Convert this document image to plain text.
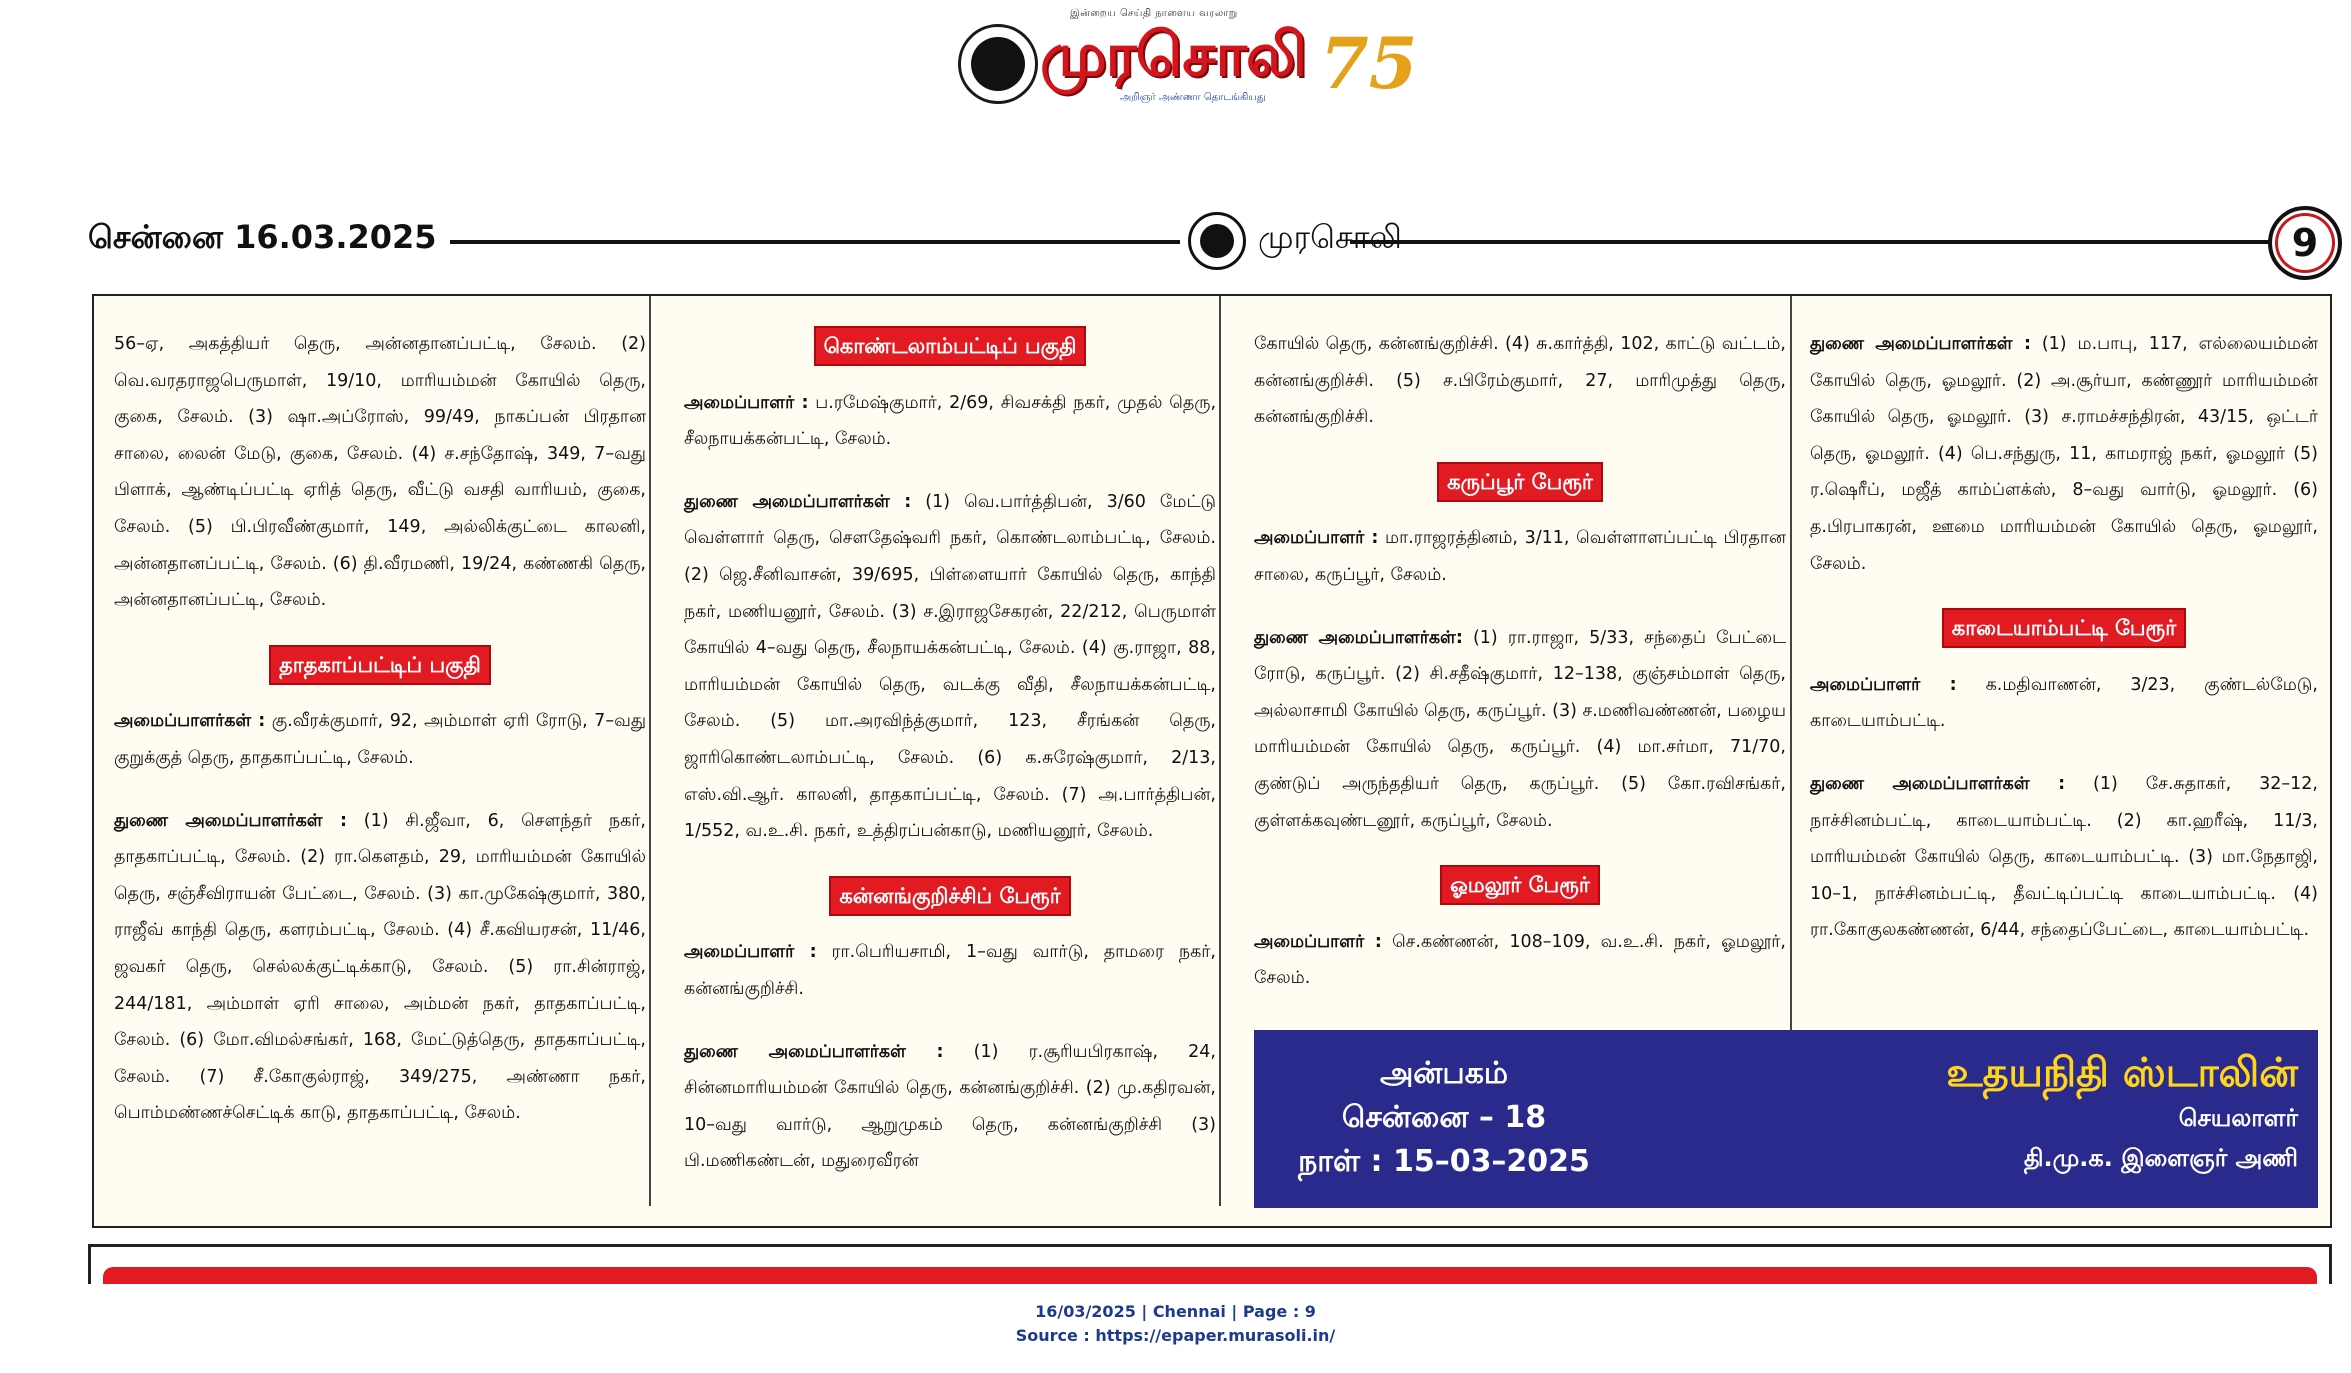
இன்றைய செய்தி நாளைய வரலாறு
முரசொலி 75
அறிஞர் அண்ணா தொடங்கியது
சென்னை 16.03.2025	முரசொலி	9

56–ஏ, அகத்தியர் தெரு, அன்னதானப்பட்டி, சேலம். (2) வெ.வரதராஜபெருமாள், 19/10, மாரியம்மன் கோயில் தெரு, குகை, சேலம். (3) ஷா.அப்ரோஸ், 99/49, நாகப்பன் பிரதான சாலை, லைன் மேடு, குகை, சேலம். (4) ச.சந்தோஷ், 349, 7–வது பிளாக், ஆண்டிப்பட்டி ஏரித் தெரு, வீட்டு வசதி வாரியம், குகை, சேலம். (5) பி.பிரவீண்குமார், 149, அல்லிக்குட்டை காலனி, அன்னதானப்பட்டி, சேலம். (6) தி.வீரமணி, 19/24, கண்ணகி தெரு, அன்னதானப்பட்டி, சேலம்.

தாதகாப்பட்டிப் பகுதி

அமைப்பாளர்கள் : கு.வீரக்குமார், 92, அம்மாள் ஏரி ரோடு, 7–வது குறுக்குத் தெரு, தாதகாப்பட்டி, சேலம்.

துணை அமைப்பாளர்கள் : (1) சி.ஜீவா, 6, சௌந்தர் நகர், தாதகாப்பட்டி, சேலம். (2) ரா.கௌதம், 29, மாரியம்மன் கோயில் தெரு, சஞ்சீவிராயன் பேட்டை, சேலம். (3) கா.முகேஷ்குமார், 380, ராஜீவ் காந்தி தெரு, களரம்பட்டி, சேலம். (4) சீ.கவியரசன், 11/46, ஜவகர் தெரு, செல்லக்குட்டிக்காடு, சேலம். (5) ரா.சின்ராஜ், 244/181, அம்மாள் ஏரி சாலை, அம்மன் நகர், தாதகாப்பட்டி, சேலம். (6) மோ.விமல்சங்கர், 168, மேட்டுத்தெரு, தாதகாப்பட்டி, சேலம். (7) சீ.கோகுல்ராஜ், 349/275, அண்ணா நகர், பொம்மண்ணச்செட்டிக் காடு, தாதகாப்பட்டி, சேலம்.

கொண்டலாம்பட்டிப் பகுதி

அமைப்பாளர் : ப.ரமேஷ்குமார், 2/69, சிவசக்தி நகர், முதல் தெரு, சீலநாயக்கன்பட்டி, சேலம்.

துணை அமைப்பாளர்கள் : (1) வெ.பார்த்திபன், 3/60 மேட்டு வெள்ளார் தெரு, சௌதேஷ்வரி நகர், கொண்டலாம்பட்டி, சேலம். (2) ஜெ.சீனிவாசன், 39/695, பிள்ளையார் கோயில் தெரு, காந்தி நகர், மணியனூர், சேலம். (3) ச.இராஜசேகரன், 22/212, பெருமாள் கோயில் 4–வது தெரு, சீலநாயக்கன்பட்டி, சேலம். (4) கு.ராஜா, 88, மாரியம்மன் கோயில் தெரு, வடக்கு வீதி, சீலநாயக்கன்பட்டி, சேலம். (5) மா.அரவிந்த்குமார், 123, சீரங்கன் தெரு, ஜாரிகொண்டலாம்பட்டி, சேலம். (6) க.சுரேஷ்குமார், 2/13, எஸ்.வி.ஆர். காலனி, தாதகாப்பட்டி, சேலம். (7) அ.பார்த்திபன், 1/552, வ.உ.சி. நகர், உத்திரப்பன்காடு, மணியனூர், சேலம்.

கன்னங்குறிச்சிப் பேரூர்

அமைப்பாளர் : ரா.பெரியசாமி, 1–வது வார்டு, தாமரை நகர், கன்னங்குறிச்சி.

துணை அமைப்பாளர்கள் : (1) ர.சூரியபிரகாஷ், 24, சின்னமாரியம்மன் கோயில் தெரு, கன்னங்குறிச்சி. (2) மு.கதிரவன், 10–வது வார்டு, ஆறுமுகம் தெரு, கன்னங்குறிச்சி (3) பி.மணிகண்டன், மதுரைவீரன்

கோயில் தெரு, கன்னங்குறிச்சி. (4) சு.கார்த்தி, 102, காட்டு வட்டம், கன்னங்குறிச்சி. (5) ச.பிரேம்குமார், 27, மாரிமுத்து தெரு, கன்னங்குறிச்சி.

கருப்பூர் பேரூர்

அமைப்பாளர் : மா.ராஜரத்தினம், 3/11, வெள்ளாளப்பட்டி பிரதான சாலை, கருப்பூர், சேலம்.

துணை அமைப்பாளர்கள்: (1) ரா.ராஜா, 5/33, சந்தைப் பேட்டை ரோடு, கருப்பூர். (2) சி.சதீஷ்குமார், 12–138, குஞ்சம்மாள் தெரு, அல்லாசாமி கோயில் தெரு, கருப்பூர். (3) ச.மணிவண்ணன், பழைய மாரியம்மன் கோயில் தெரு, கருப்பூர். (4) மா.சர்மா, 71/70, குண்டுப் அருந்ததியர் தெரு, கருப்பூர். (5) கோ.ரவிசங்கர், குள்ளக்கவுண்டனூர், கருப்பூர், சேலம்.

ஓமலூர் பேரூர்

அமைப்பாளர் : செ.கண்ணன், 108–109, வ.உ.சி. நகர், ஓமலூர், சேலம்.

துணை அமைப்பாளர்கள் : (1) ம.பாபு, 117, எல்லையம்மன் கோயில் தெரு, ஓமலூர். (2) அ.சூர்யா, கண்ணூர் மாரியம்மன் கோயில் தெரு, ஓமலூர். (3) ச.ராமச்சந்திரன், 43/15, ஒட்டர் தெரு, ஓமலூர். (4) பெ.சந்துரு, 11, காமராஜ் நகர், ஓமலூர் (5) ர.ஷெரீப், மஜீத் காம்ப்ளக்ஸ், 8–வது வார்டு, ஓமலூர். (6) த.பிரபாகரன், ஊமை மாரியம்மன் கோயில் தெரு, ஓமலூர், சேலம்.

காடையாம்பட்டி பேரூர்

அமைப்பாளர் : க.மதிவாணன், 3/23, குண்டல்மேடு, காடையாம்பட்டி.

துணை அமைப்பாளர்கள் : (1) சே.சுதாகர், 32–12, நாச்சினம்பட்டி, காடையாம்பட்டி. (2) கா.ஹரீஷ், 11/3, மாரியம்மன் கோயில் தெரு, காடையாம்பட்டி. (3) மா.நேதாஜி, 10–1, நாச்சினம்பட்டி, தீவட்டிப்பட்டி காடையாம்பட்டி. (4) ரா.கோகுலகண்ணன், 6/44, சந்தைப்பேட்டை, காடையாம்பட்டி.

அன்பகம்
சென்னை – 18
நாள் : 15–03–2025
உதயநிதி ஸ்டாலின்
செயலாளர்
தி.மு.க. இளைஞர் அணி
16/03/2025 | Chennai | Page : 9
Source : https://epaper.murasoli.in/
